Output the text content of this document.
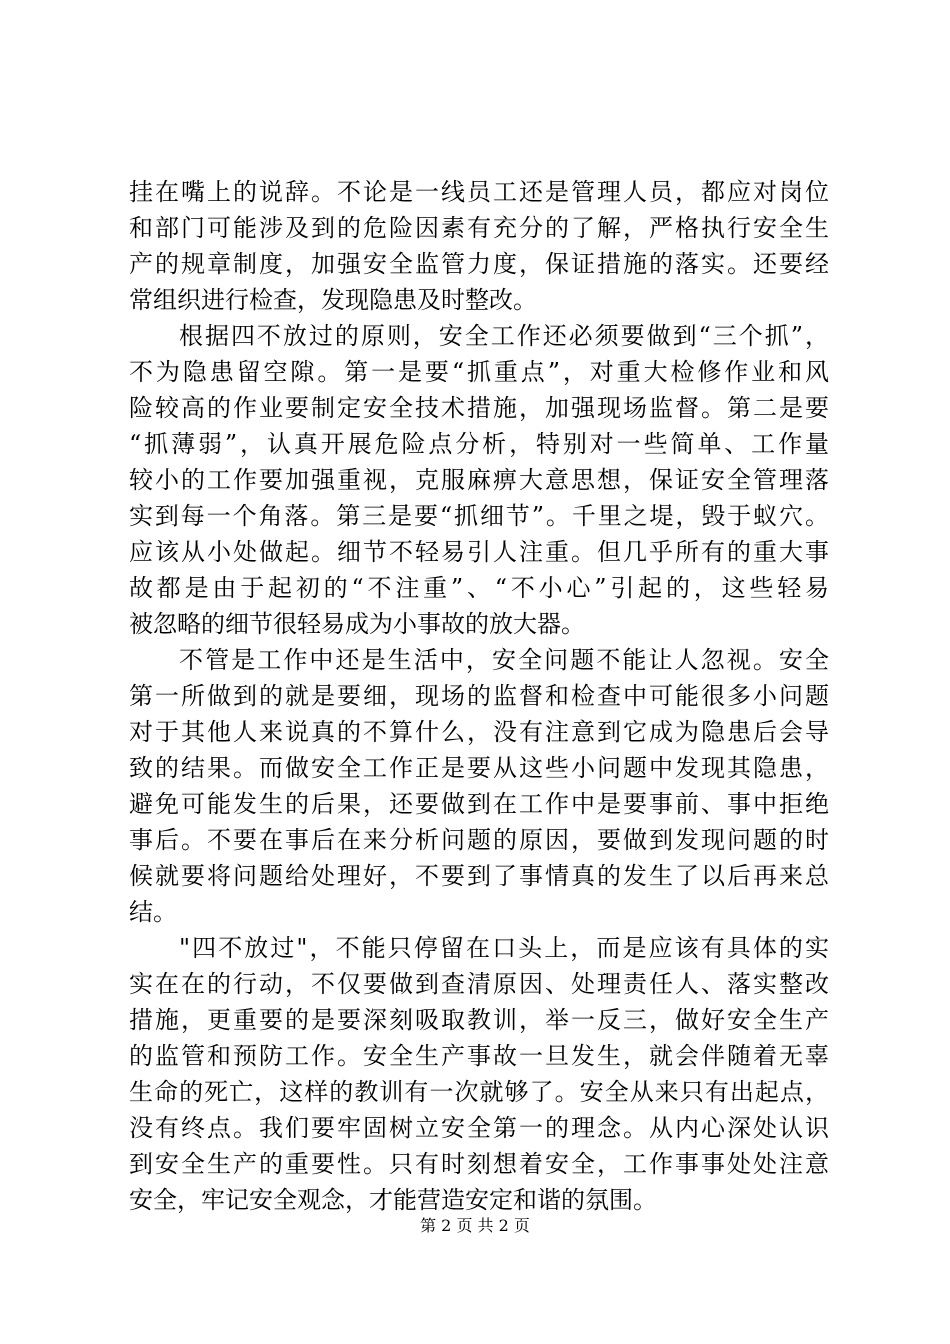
挂在嘴上的说辞。不论是一线员工还是管理人员，都应对岗位
和部门可能涉及到的危险因素有充分的了解，严格执行安全生
产的规章制度，加强安全监管力度，保证措施的落实。还要经
常组织进行检查，发现隐患及时整改。
根据四不放过的原则，安全工作还必须要做到“三个抓”，
不为隐患留空隙。第一是要“抓重点”，对重大检修作业和风
险较高的作业要制定安全技术措施，加强现场监督。第二是要
“抓薄弱”，认真开展危险点分析，特别对一些简单、工作量
较小的工作要加强重视，克服麻痹大意思想，保证安全管理落
实到每一个角落。第三是要“抓细节”。千里之堤，毁于蚁穴。
应该从小处做起。细节不轻易引人注重。但几乎所有的重大事
故都是由于起初的“不注重”、“不小心”引起的，这些轻易
被忽略的细节很轻易成为小事故的放大器。
不管是工作中还是生活中，安全问题不能让人忽视。安全
第一所做到的就是要细，现场的监督和检查中可能很多小问题
对于其他人来说真的不算什么，没有注意到它成为隐患后会导
致的结果。而做安全工作正是要从这些小问题中发现其隐患，
避免可能发生的后果，还要做到在工作中是要事前、事中拒绝
事后。不要在事后在来分析问题的原因，要做到发现问题的时
候就要将问题给处理好，不要到了事情真的发生了以后再来总
结。
"四不放过"，不能只停留在口头上，而是应该有具体的实
实在在的行动，不仅要做到查清原因、处理责任人、落实整改
措施，更重要的是要深刻吸取教训，举一反三，做好安全生产
的监管和预防工作。安全生产事故一旦发生，就会伴随着无辜
生命的死亡，这样的教训有一次就够了。安全从来只有出起点，
没有终点。我们要牢固树立安全第一的理念。从内心深处认识
到安全生产的重要性。只有时刻想着安全，工作事事处处注意
安全，牢记安全观念，才能营造安定和谐的氛围。
第 2 页 共 2 页
